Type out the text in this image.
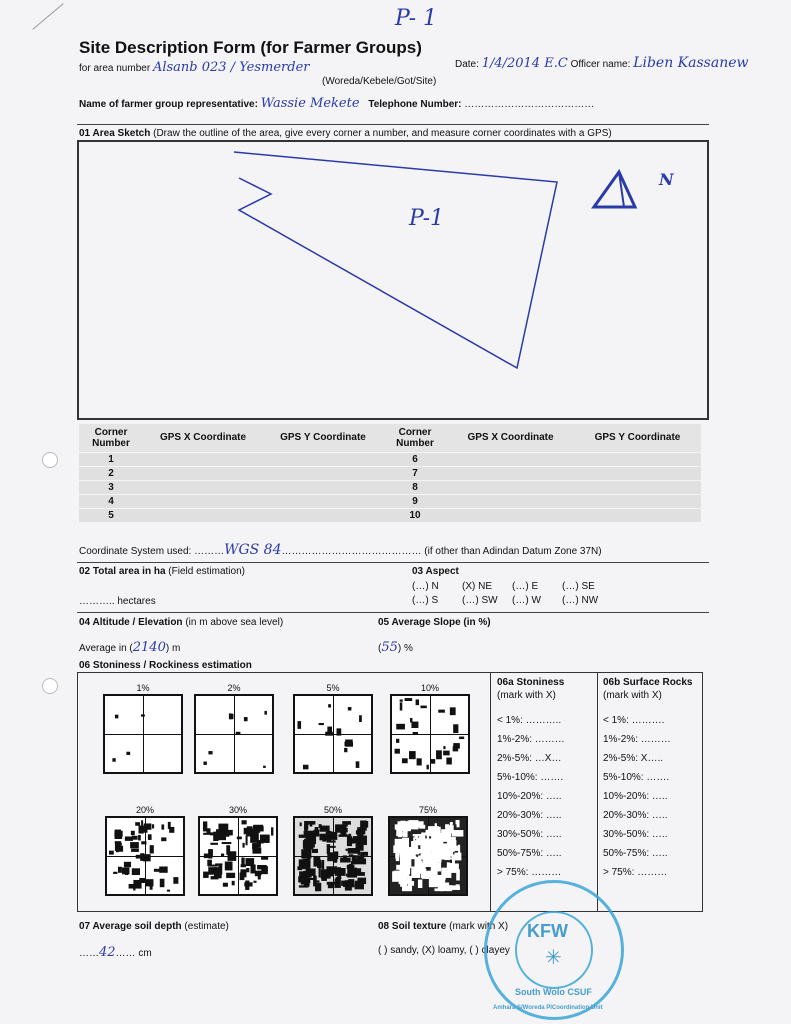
P- 1
Site Description Form (for Farmer Groups)
for area number Alsanb 023 / Yesmerder	Date: 1/4/2014 E.C Officer name: Liben Kassanew
(Woreda/Kebele/Got/Site)
Name of farmer group representative: Wassie Mekete Telephone Number: …………………………………
01 Area Sketch (Draw the outline of the area, give every corner a number, and measure corner coordinates with a GPS)
P-1
N
Corner Number	GPS X Coordinate	GPS Y Coordinate	Corner Number	GPS X Coordinate	GPS Y Coordinate
1			6		
2			7		
3			8		
4			9		
5			10		
Coordinate System used: ………WGS 84…………………………………… (if other than Adindan Datum Zone 37N)
02 Total area in ha (Field estimation)
……….. hectares
03 Aspect
(…) N (X) NE (…) E (…) SE
(…) S (…) SW (…) W (…) NW
04 Altitude / Elevation (in m above sea level)
Average in (2140) m
05 Average Slope (in %)
(55) %
06 Stoniness / Rockiness estimation
1%	2%	5%	10%
20%	30%	50%	75%
06a Stoniness
(mark with X)
< 1%: ………..
1%-2%: ………
2%-5%: …X…
5%-10%: …….
10%-20%: …..
20%-30%: …..
30%-50%: …..
50%-75%: …..
> 75%: ………
06b Surface Rocks
(mark with X)
< 1%: ……….
1%-2%: ………
2%-5%: X…..
5%-10%: …….
10%-20%: …..
20%-30%: …..
30%-50%: …..
50%-75%: …..
> 75%: ………
07 Average soil depth (estimate)
……42…… cm
08 Soil texture (mark with X)
( ) sandy, (X) loamy, ( ) clayey
KFW
South Wolo CSUF
Amhara S/Woreda PICoordination Unit
✳
